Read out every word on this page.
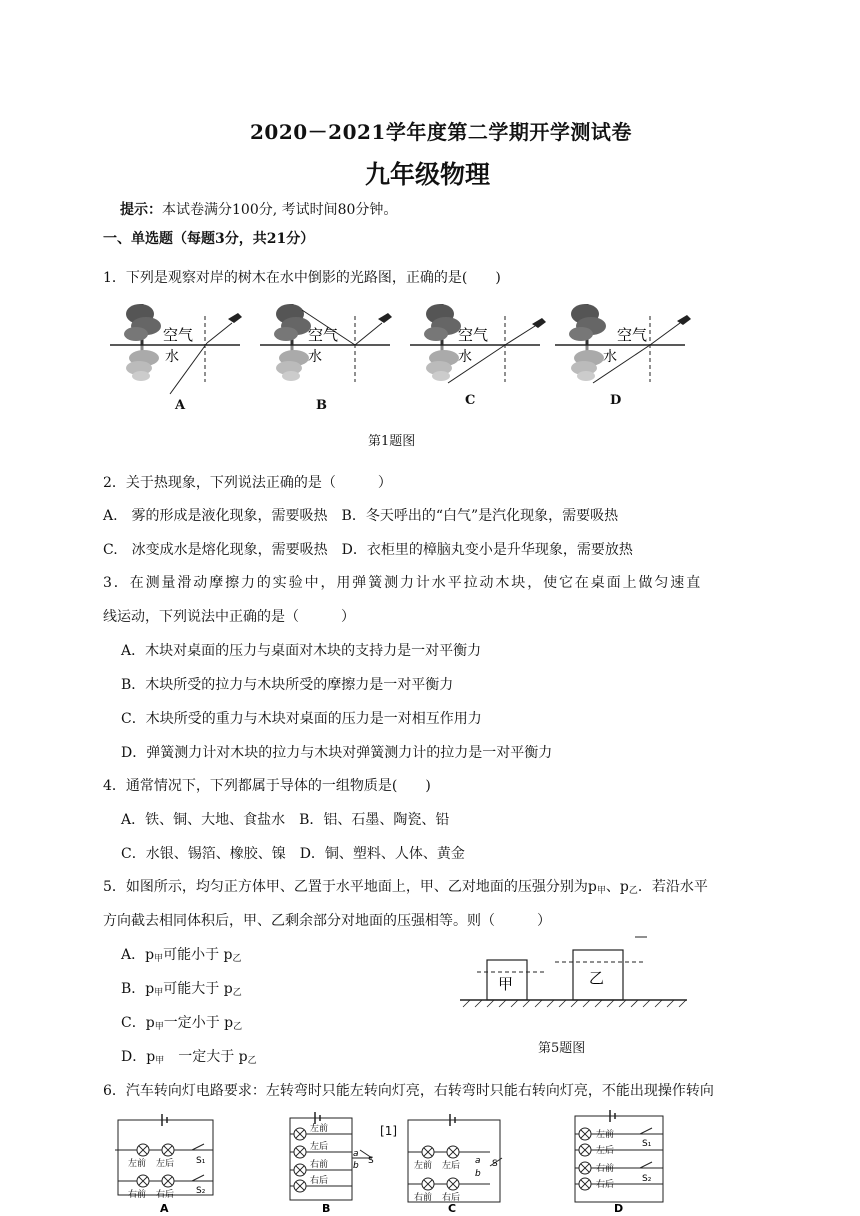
2020－2021学年度第二学期开学测试卷
九年级物理
提示：本试卷满分100分, 考试时间80分钟。
一、单选题（每题3分，共21分）
1．下列是观察对岸的树木在水中倒影的光路图，正确的是(　　)
空气
水
空气
水
空气
水
空气
水
A	B	C	D
第1题图
2．关于热现象，下列说法正确的是（　　　）
A.　雾的形成是液化现象，需要吸热　B．冬天呼出的“白气”是汽化现象，需要吸热
C.　冰变成水是熔化现象，需要吸热　D．衣柜里的樟脑丸变小是升华现象，需要放热
3．在测量滑动摩擦力的实验中，用弹簧测力计水平拉动木块，使它在桌面上做匀速直
线运动，下列说法中正确的是（　　　）
A．木块对桌面的压力与桌面对木块的支持力是一对平衡力
B．木块所受的拉力与木块所受的摩擦力是一对平衡力
C．木块所受的重力与木块对桌面的压力是一对相互作用力
D．弹簧测力计对木块的拉力与木块对弹簧测力计的拉力是一对平衡力
4．通常情况下，下列都属于导体的一组物质是(　　)
A．铁、铜、大地、食盐水　B．铝、石墨、陶瓷、铅
C．水银、锡箔、橡胶、镍　D．铜、塑料、人体、黄金
5．如图所示，均匀正方体甲、乙置于水平地面上，甲、乙对地面的压强分别为$p_甲$、$p_乙$．若沿水平
方向截去相同体积后，甲、乙剩余部分对地面的压强相等。则（　　　）
A．$p_甲$可能小于 $p_乙$
B．$p_甲$可能大于 $p_乙$
C．$p_甲$一定小于 $p_乙$
D．$p_甲$　一定大于 $p_乙$
甲	乙
第5题图
6．汽车转向灯电路要求：左转弯时只能左转向灯亮，右转弯时只能右转向灯亮，不能出现操作转向
左前 左后
右前 右后
S₁
S₂
左前
左后
右前
右后
a
b S	左前 左后
右前 右后
a
b
S
左前
左后
右前
右后
S₁
S₂
A	B	C	D
[1]
